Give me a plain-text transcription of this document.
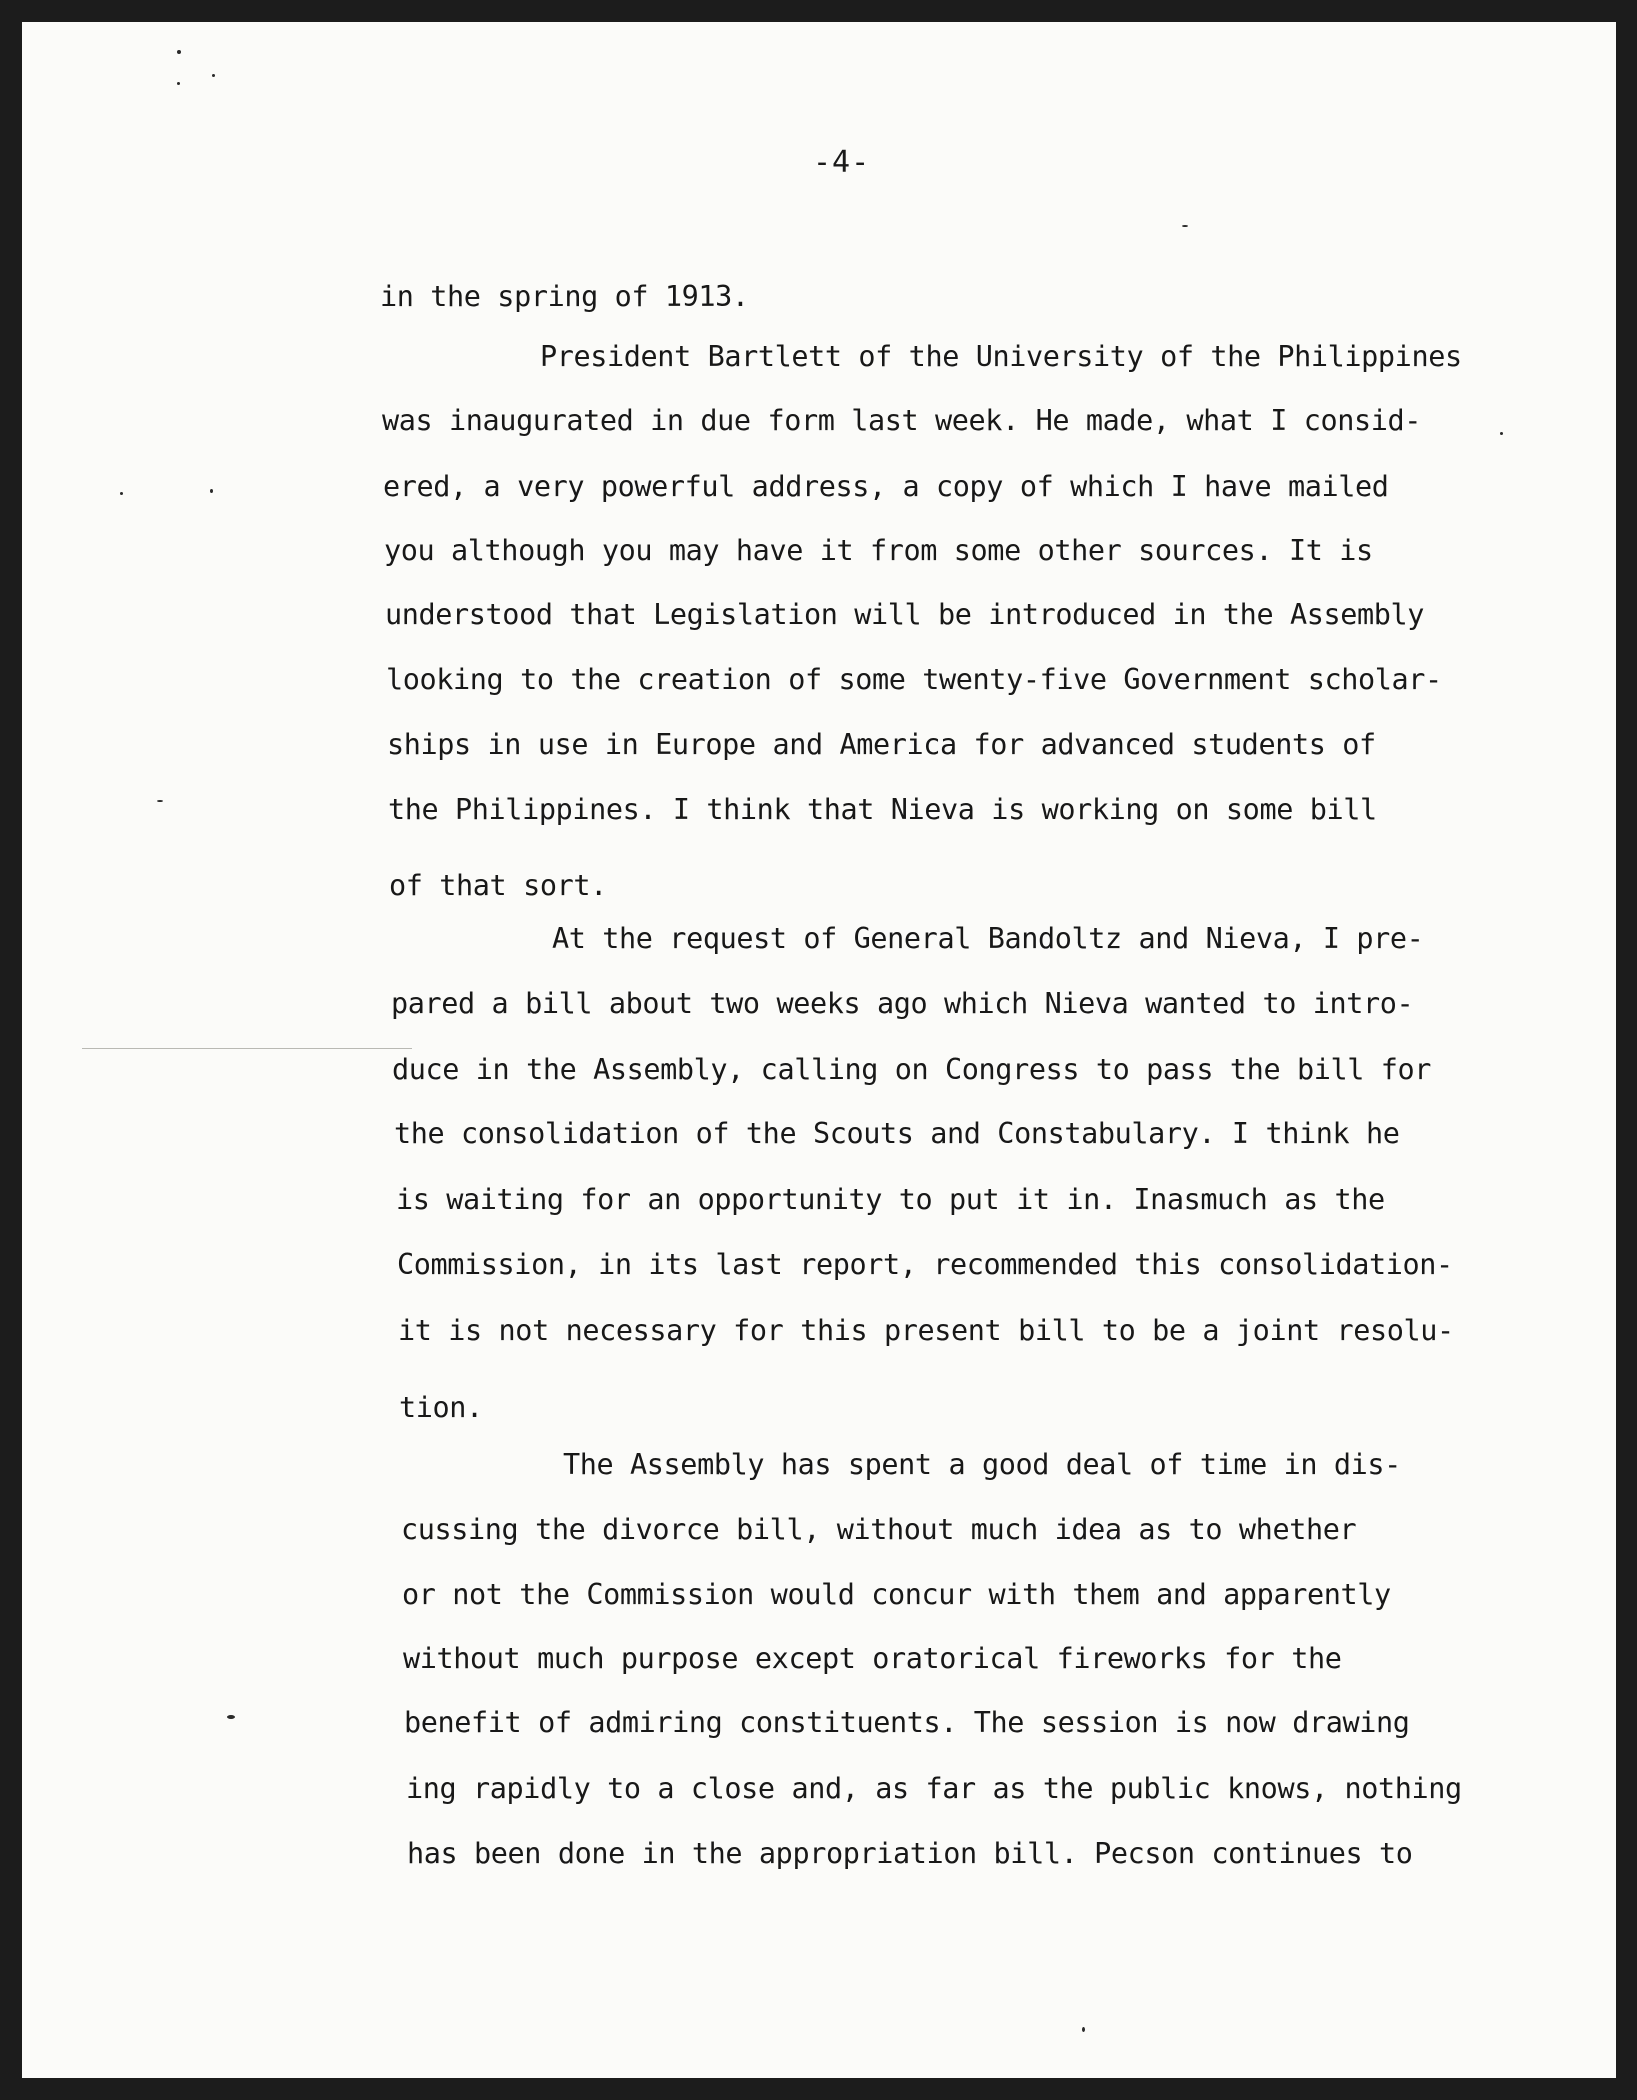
-4-

in the spring of 1913.

President Bartlett of the University of the Philippines

was inaugurated in due form last week. He made, what I consid-

ered, a very powerful address, a copy of which I have mailed

you although you may have it from some other sources. It is

understood that Legislation will be introduced in the Assembly

looking to the creation of some twenty-five Government scholar-

ships in use in Europe and America for advanced students of

the Philippines. I think that Nieva is working on some bill

of that sort.

At the request of General Bandoltz and Nieva, I pre-

pared a bill about two weeks ago which Nieva wanted to intro-

duce in the Assembly, calling on Congress to pass the bill for

the consolidation of the Scouts and Constabulary. I think he

is waiting for an opportunity to put it in. Inasmuch as the

Commission, in its last report, recommended this consolidation-

it is not necessary for this present bill to be a joint resolu-

tion.

The Assembly has spent a good deal of time in dis-

cussing the divorce bill, without much idea as to whether

or not the Commission would concur with them and apparently

without much purpose except oratorical fireworks for the

benefit of admiring constituents. The session is now drawing

ing rapidly to a close and, as far as the public knows, nothing

has been done in the appropriation bill. Pecson continues to
